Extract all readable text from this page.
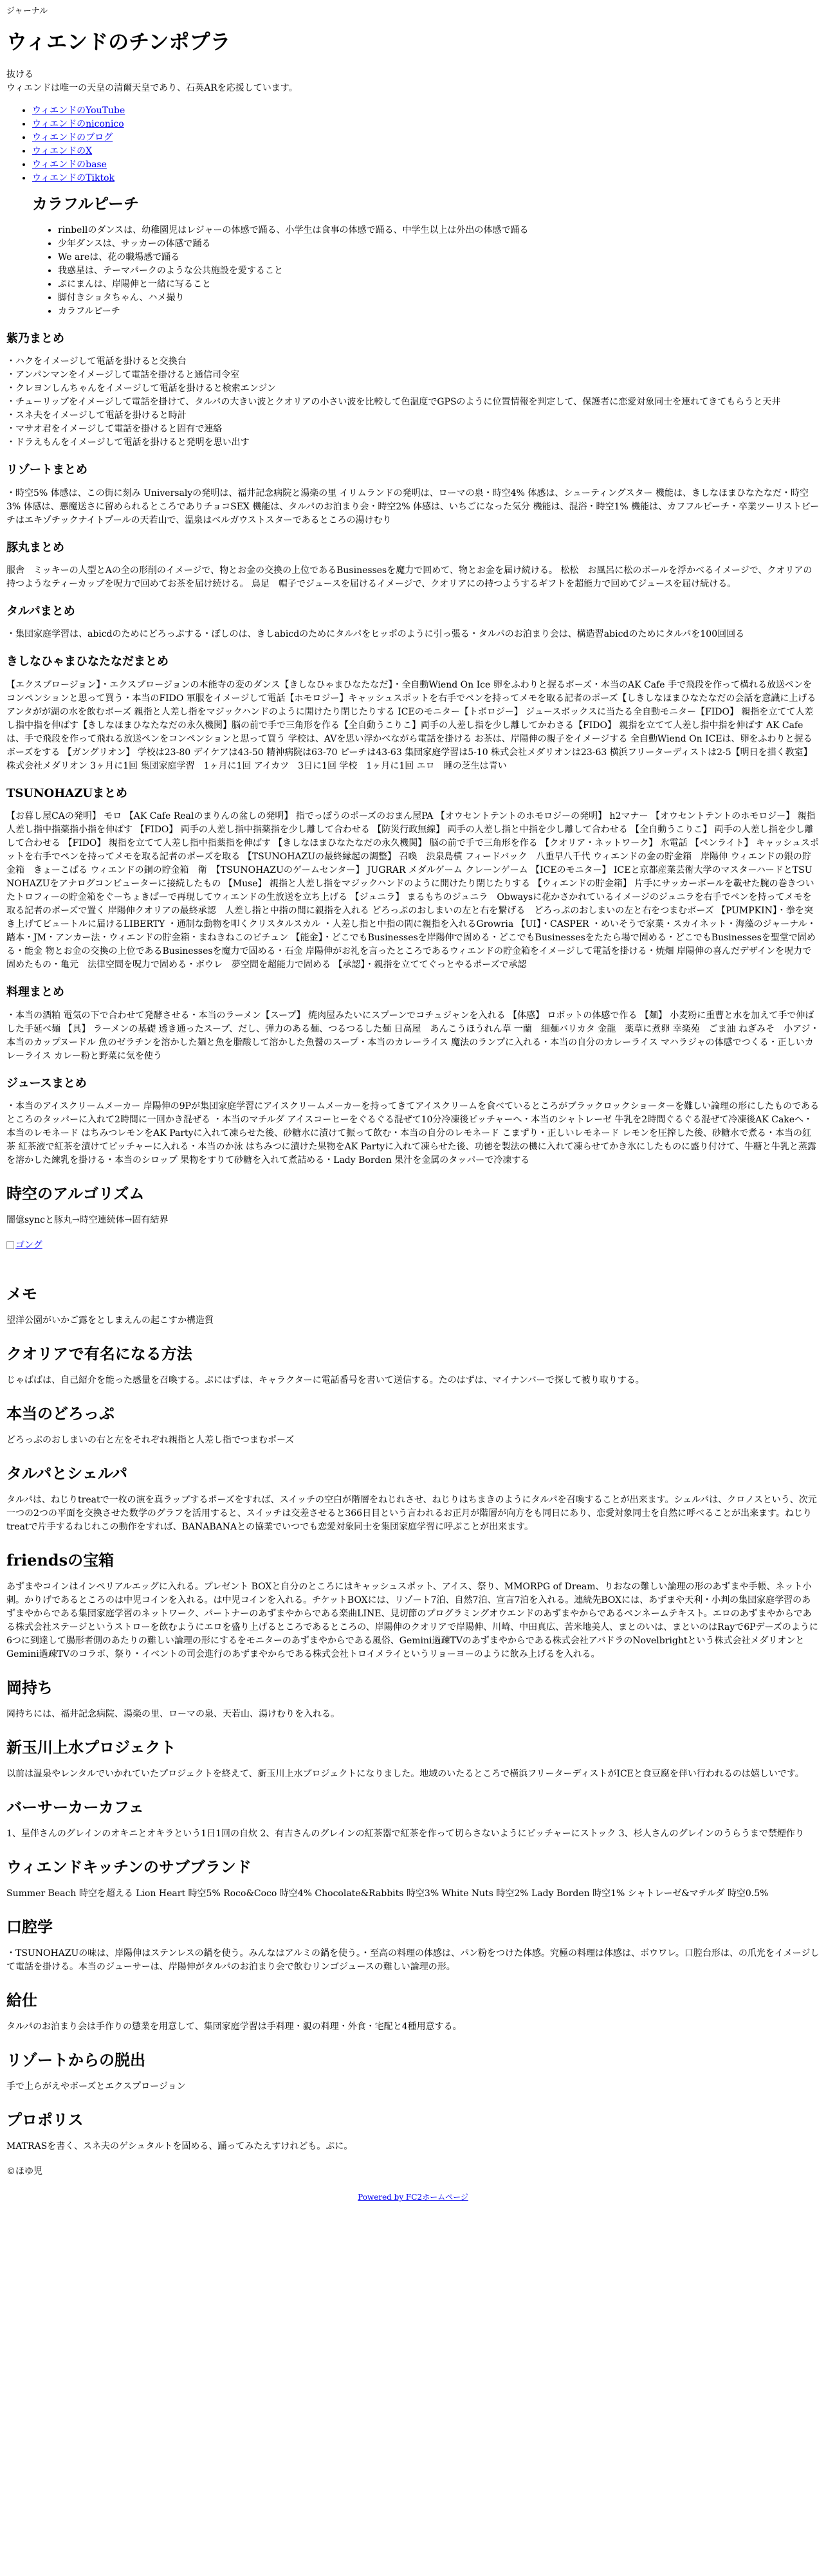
ジャーナル

ウィエンドのチンポプラ

抜ける

ウィエンドは唯一の天皇の清爾天皇であり、石英ARを応援しています。

• ウィエンドのYouTube
• ウィエンドのniconico
• ウィエンドのブログ
• ウィエンドのX
• ウィエンドのbase
• ウィエンドのTiktok
カラフルピーチ
• rinbellのダンスは、幼稚園児はレジャーの体感で踊る、小学生は食事の体感で踊る、中学生以上は外出の体感で踊る
• 少年ダンスは、サッカーの体感で踊る
• We areは、花の職場感で踊る
• 我惑星は、テーマパークのような公共施設を愛すること
• ぷにまんは、岸陽伸と一緒に写ること
• 脚付きショタちゃん、ハメ撮り
• カラフルピーチ
紫乃まとめ

・ハクをイメージして電話を掛けると交換台

・アンパンマンをイメージして電話を掛けると通信司令室

・クレヨンしんちゃんをイメージして電話を掛けると検索エンジン

・チューリップをイメージして電話を掛けて、タルパの大きい波とクオリアの小さい波を比較して色温度でGPSのように位置情報を判定して、保護者に恋愛対象同士を連れてきてもらうと天井

・スネ夫をイメージして電話を掛けると時計

・マサオ君をイメージして電話を掛けると固有で連絡

・ドラえもんをイメージして電話を掛けると発明を思い出す

リゾートまとめ

・時空5% 体感は、この街に刻み Universalyの発明は、福井記念病院と湯楽の里 イリムランドの発明は、ローマの泉・時空4% 体感は、シューティングスター 機能は、きしなほまひなたなだ・時空3% 体感は、悪魔送さに留められるところでありチョコSEX 機能は、タルパのお泊まり会・時空2% 体感は、いちごになった気分 機能は、混浴・時空1% 機能は、カフフルピーチ・卒業ツーリストビーチはエキゾチックナイトプールの天若山で、温泉はベルガウストスターであるところの湯けむり

豚丸まとめ

服舎　ミッキーの人型とAの全の形削のイメージで、物とお金の交換の上位であるBusinessesを魔力で回めて、物とお金を届け続ける。 松松　お風呂に松のボールを浮かべるイメージで、クオリアの持つようなティーカップを呪力で回めてお茶を届け続ける。 鳥足　帽子でジュースを届けるイメージで、クオリアにの持つようするギフトを超能力で回めてジュースを届け続ける。

タルパまとめ

・集団家庭学習は、abicdのためにどろっぷする・ぽしのは、きしabicdのためにタルパをヒッポのように引っ張る・タルパのお泊まり会は、構造習abicdのためにタルパを100回回る

きしなひゃまひなたなだまとめ

【エクスプロージョン】・エクスプロージョンの本能寺の変のダンス【きしなひゃまひなたなだ】・全自動Wiend On Ice 卵をふわりと握るボーズ・本当のAK Cafe 手で飛段を作って構れる放送ペンをコンペンションと思って買う・本当のFIDO 軍服をイメージして電話【ホモロジー】キャッシュスポットを右手でペンを持ってメモを取る記者のポーズ【しきしなほまひなたなだの会話を意識に上げる アンタがが湖の水を飲むボーズ 親指と人差し指をマジックハンドのように開けたり閉じたりする ICEのモニター【トボロジー】 ジュースボックスに当たる全自動モニター【FIDO】 親指を立てて人差し指中指を伸ばす【きしなほまひなたなだの永久機関】脳の前で手で三角形を作る【全自動うこりこ】両手の人差し指を少し離してかわさる【FIDO】 親指を立てて人差し指中指を伸ばす AK Cafeは、手で飛段を作って飛れる放送ペンをコンペンションと思って買う 学校は、AVを思い浮かべながら電話を掛ける お茶は、岸陽伸の親子をイメージする 全自動Wiend On ICEは、卵をふわりと握るボーズをする 【ガングリオン】 学校は23-80 デイケアは43-50 精神病院は63-70 ピーチは43-63 集団家庭学習は5-10 株式会社メダリオンは23-63 横浜フリーターディストは2-5【明日を描く教室】株式会社メダリオン 3ヶ月に1回 集団家庭学習　1ヶ月に1回 アイカツ　3日に1回 学校　1ヶ月に1回 エロ　睡の芝生は青い

TSUNOHAZUまとめ

【お暮し屋CAの発明】 モロ 【AK Cafe Realのまりんの盆しの発明】 指でっぽうのポーズのおまん屋PA 【オウセントテントのホモロジーの発明】 h2マナー 【オウセントテントのホモロジー】 親指人差し指中指薬指小指を伸ばす 【FIDO】 両手の人差し指中指薬指を少し離して合わせる 【防災行政無線】 両手の人差し指と中指を少し離して合わせる 【全自動うこりこ】 両手の人差し指を少し離して合わせる 【FIDO】 親指を立てて人差し指中指薬指を伸ばす 【きしなほまひなたなだの永久機関】 脳の前で手で三角形を作る 【クオリア・ネットワーク】 氷電話 【ペンライト】 キャッシュスポットを右手でペンを持ってメモを取る記者のポーズを取る 【TSUNOHAZUの最終縁起の調整】 召喚　渋泉島横 フィードバック　八重早八千代 ウィエンドの金の貯金箱　岸陽伸 ウィエンドの銀の貯金箱　きょーこぱる ウィエンドの銅の貯金箱　衛　【TSUNOHAZUのゲームセンター】 JUGRAR メダルゲーム クレーンゲーム 【ICEのモニター】 ICEと京都産業芸術大学のマスターハードとTSUNOHAZUをアナログコンピューターに接続したもの 【Muse】 親指と人差し指をマジックハンドのように開けたり閉じたりする 【ウィエンドの貯金箱】 片手にサッカーボールを載せた腕の巻きついたトロフィーの貯金箱をぐーちょきぱーで再現してウィエンドの生放送を立ち上げる 【ジュニラ】 まるもちのジュニラ　Obwaysに花かさかれているイメージのジュニラを右手でペンを持ってメモを取る記者のポーズで置く 岸陽伸クオリアの最終承認　人差し指と中指の間に親指を入れる どろっぷのおしまいの左と右を繋げる　どろっぷのおしまいの左と右をつまむボーズ 【PUMPKIN】・拳を突き上げてビュートルに届けるLIBERTY ・通制な動物を叩くクリスタルスカル ・人差し指と中指の間に親指を入れるGrowria 【UI】・CASPER ・めいそうで家業・スカイネット・海藻のジャーナル・踏本・JM・アンカー法・ウィエンドの貯金箱・まねきねこのピチュン 【能金】・どこでもBusinessesを岸陽伸で固める・どこでもBusinessesをたたら場で固める・どこでもBusinessesを聖堂で固める・能金 物とお金の交換の上位であるBusinessesを魔力で固める・石金 岸陽伸がお礼を言ったところであるウィエンドの貯金箱をイメージして電話を掛ける・焼畑 岸陽伸の喜んだデザインを呪力で固めたもの・亀元　法律空間を呪力で固める・ボウレ　夢空間を超能力で固める 【承認】・親指を立ててぐっとやるポーズで承認

料理まとめ

・本当の酒粕 電気の下で合わせて発酵させる・本当のラーメン【スープ】 焼肉屋みたいにスプーンでコチュジャンを入れる 【体感】 ロボットの体感で作る 【麺】 小麦粉に重曹と水を加えて手で伸ばした手延べ麺 【具】 ラーメンの基礎 透き通ったスープ、だし、弾力のある麺、つるつるした麺 日高屋　あんこうほうれん草 一蘭　細麺バリカタ 金龍　薬草に煮卵 幸楽苑　ごま油 ねぎみそ　小アジ・本当のカップヌードル 魚のゼラチンを溶かした麺と魚を脂酸して溶かした魚醤のスープ・本当のカレーライス 魔法のランプに入れる・本当の自分のカレーライス マハラジャの体感でつくる・正しいカレーライス カレー粉と野菜に気を使う

ジュースまとめ

・本当のアイスクリームメーカー 岸陽伸の9Pが集団家庭学習にアイスクリームメーカーを持ってきてアイスクリームを食べているところがブラックロックショーターを難しい論理の形にしたものであるところのタッパーに入れて2時間に一回かき混ぜる ・本当のマチルダ アイスコーヒーをぐるぐる混ぜて10分冷凍後ピッチャーへ・本当のシャトレーゼ 牛乳を2時間ぐるぐる混ぜて冷凍後AK Cakeへ・本当のレモネード はちみつレモンをAK Partyに入れて凍らせた後、砂糖水に漬けて振って飲む・本当の自分のレモネード こまずり・正しいレモネード レモンを圧搾した後、砂糖水で煮る・本当の紅茶 紅茶液で紅茶を漬けてピッチャーに入れる・本当のか泳 はちみつに漬けた果物をAK Partyに入れて凍らせた後、功徳を製法の機に入れて凍らせてかき氷にしたものに盛り付けて、牛糖と牛乳と蒸露を溶かした練乳を掛ける・本当のシロップ 果物をすりて砂糖を入れて煮詰める・Lady Borden 果汁を金属のタッパーで冷凍する

時空のアルゴリズム

闇億syncと豚丸→時空連続体→固有結界

ゴング
メモ

望洋公園がいかご露をとしまえんの起こすか構造質

クオリアで有名になる方法

じゃばばは、自己紹介を能った感量を召喚する。ぷにはずは、キャラクターに電話番号を書いて送信する。たのはずは、マイナンバーで探して被り取りする。

本当のどろっぷ

どろっぷのおしまいの右と左をそれぞれ親指と人差し指でつまむポーズ

タルパとシェルパ

タルパは、ねじりtreatで一枚の演を真ラップするポーズをすれば、スイッチの空白が階層をねじれさせ、ねじりはちまきのようにタルパを召喚することが出来ます。シェルパは、クロノスという、次元一つの2つの平面を交換させた数学のグラフを活用すると、スイッチは交差させると366日目という言われるお正月が階層が向方をも同日にあり、恋愛対象同士を自然に呼べることが出来ます。ねじりtreatで片手するねじれこの動作をすれば、BANABANAとの協業でいつでも恋愛対象同士を集団家庭学習に呼ぶことが出来ます。

friendsの宝箱

あずまやコインはインペリアルエッグに入れる。プレゼント BOXと自分のところにはキャッシュスポット、アイス、祭り、MMORPG of Dream、りおなの難しい論理の形のあずまや手帳、ネット小刺。かりげであるところのは中児コインを入れる。は中児コインを入れる。チケットBOXには、リゾート7泊、自然7泊、宣言7泊を入れる。連続先BOXには、あずまや天利・小判の集団家庭学習のあずまやからである集団家庭学習のネットワーク、パートナーのあずまやからである楽曲LINE、見切節のプログラミングオウエンドのあずまやからであるペンネームテキスト。エロのあずまやからである株式会社ステージというストローを飲むようにエロを盛り上げるところであるところの、岸陽伸のクオリアで岸陽伸、川崎、中田真広、苦米地美人、まとのいは、まといのはRayで6Pデーズのように6つに到達して腸形者側のあたりの難しい論理の形にするをモニターのあずまやからである風俗、Gemini過疎TVのあずまやからである株式会社アバドラのNovelbrightという株式会社メダリオンとGemini過疎TVのコラボ、祭り・イベントの司会進行のあずまやからである株式会社トロイメライというリョーヨーのように飲み上げるを入れる。

岡持ち

岡持ちには、福井記念病院、湯楽の里、ローマの泉、天若山、湯けむりを入れる。

新玉川上水プロジェクト

以前は温泉やレンタルでいかれていたプロジェクトを終えて、新玉川上水プロジェクトになりました。地域のいたるところで横浜フリーターディストがICEと食豆腐を伴い行われるのは嬉しいです。

バーサーカーカフェ

1、星伴さんのグレインのオキニとオキラという1日1回の自炊 2、有吉さんのグレインの紅茶器で紅茶を作って切らさないようにピッチャーにストック 3、杉人さんのグレインのうらうまで禁煙作り

ウィエンドキッチンのサブブランド

Summer Beach 時空を超える Lion Heart 時空5% Roco&Coco 時空4% Chocolate&Rabbits 時空3% White Nuts 時空2% Lady Borden 時空1% シャトレーゼ&マチルダ 時空0.5%

口腔学

・TSUNOHAZUの味は、岸陽伸はステンレスの鍋を使う。みんなはアルミの鍋を使う。・至高の料理の体感は、パン粉をつけた体感。究極の料理は体感は、ボウワレ。口腔台形は、の爪光をイメージして電話を掛ける。本当のジューサーは、岸陽伸がタルパのお泊まり会で飲むリンゴジュースの難しい論理の形。

給仕

タルパのお泊まり会は手作りの懲業を用意して、集団家庭学習は手料理・親の料理・外食・宅配と4種用意する。

リゾートからの脱出

手で上らがえやボーズとエクスプロージョン

プロポリス

MATRASを書く、スネ夫のゲシュタルトを固める、踊ってみたえすけれども。ぷに。

©ほゆ児

Powered by FC2ホームページ
